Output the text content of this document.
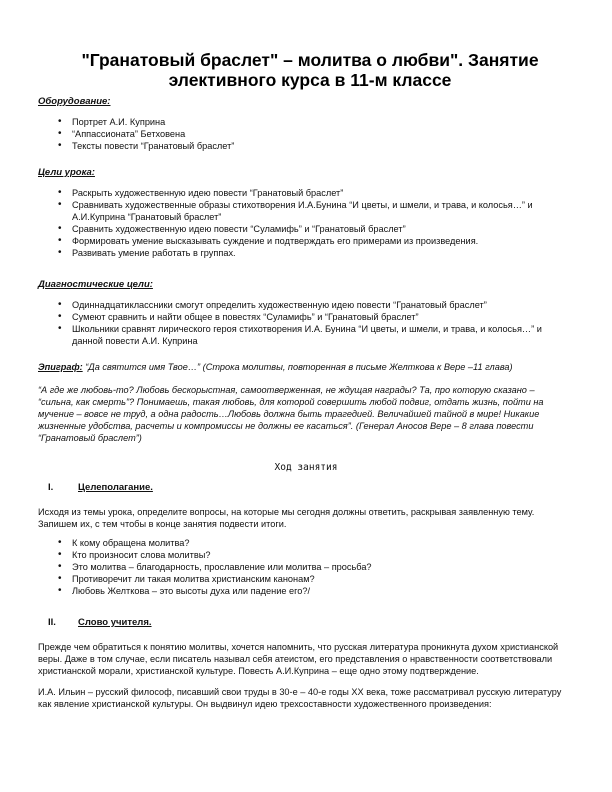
"Гранатовый браслет" – молитва о любви". Занятие элективного курса в 11-м классе
Оборудование:
• Портрет А.И. Куприна
• “Аппассионата” Бетховена
• Тексты повести “Гранатовый браслет”
Цели урока:
• Раскрыть художественную идею повести “Гранатовый браслет”
• Сравнивать художественные образы стихотворения И.А.Бунина “И цветы, и шмели, и трава, и колосья…” и А.И.Куприна “Гранатовый браслет”
• Сравнить художественную идею повести “Суламифь” и “Гранатовый браслет”
• Формировать умение высказывать суждение и подтверждать его примерами из произведения.
• Развивать умение работать в группах.
Диагностические цели:
• Одиннадцатиклассники смогут определить художественную идею повести “Гранатовый браслет”
• Сумеют сравнить и найти общее в повестях “Суламифь” и “Гранатовый браслет”
• Школьники сравнят лирического героя стихотворения И.А. Бунина “И цветы, и шмели, и трава, и колосья…” и данной повести А.И. Куприна
Эпиграф: “Да святится имя Твое…” (Строка молитвы, повторенная в письме Желткова к Вере –11 глава)
“А где же любовь-то? Любовь бескорыстная, самоотверженная, не ждущая награды? Та, про которую сказано – “сильна, как смерть”? Понимаешь, такая любовь, для которой совершить любой подвиг, отдать жизнь, пойти на мучение – вовсе не труд, а одна радость…Любовь должна быть трагедией. Величайшей тайной в мире! Никакие жизненные удобства, расчеты и компромиссы не должны ее касаться”. (Генерал Аносов Вере – 8 глава повести “Гранатовый браслет”)
Ход занятия
I.	Целеполагание.

Исходя из темы урока, определите вопросы, на которые мы сегодня должны ответить, раскрывая заявленную тему. Запишем их, с тем чтобы в конце занятия подвести итоги.

• К кому обращена молитва?
• Кто произносит слова молитвы?
• Это молитва – благодарность, прославление или молитва – просьба?
• Противоречит ли такая молитва христианским канонам?
• Любовь Желткова – это высоты духа или падение его?/
II. Слово учителя.

Прежде чем обратиться к понятию молитвы, хочется напомнить, что русская литература проникнута духом христианской веры. Даже в том случае, если писатель называл себя атеистом, его представления о нравственности соответствовали христианской морали, христианской культуре. Повесть А.И.Куприна – еще одно этому подтверждение.

И.А. Ильин – русский философ, писавший свои труды в 30-е – 40-е годы XX века, тоже рассматривал русскую литературу как явление христианской культуры. Он выдвинул идею трехсоставности художественного произведения:
